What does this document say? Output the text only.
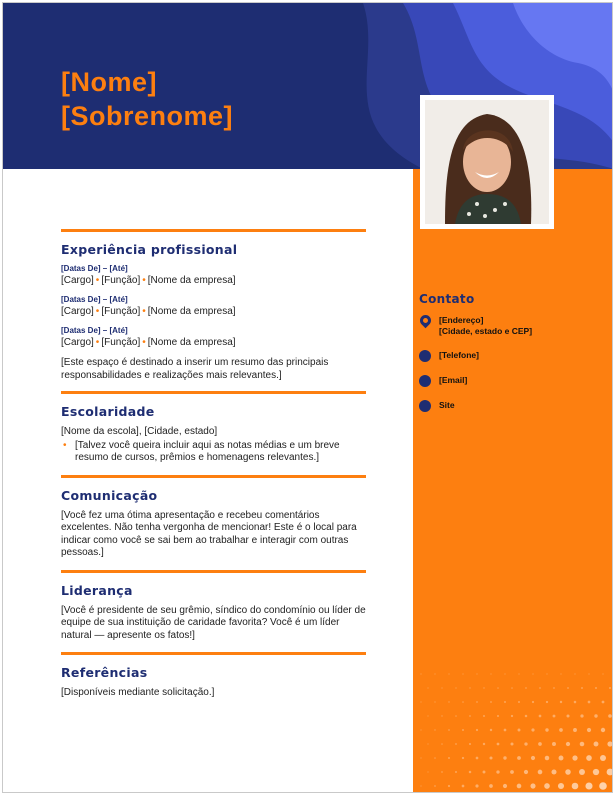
[Nome]
[Sobrenome]
Experiência profissional
[Datas De] – [Até]
[Cargo] • [Função] • [Nome da empresa]
[Datas De] – [Até]
[Cargo] • [Função] • [Nome da empresa]
[Datas De] – [Até]
[Cargo] • [Função] • [Nome da empresa]
[Este espaço é destinado a inserir um resumo das principais responsabilidades e realizações mais relevantes.]
Escolaridade
[Nome da escola], [Cidade, estado]
• [Talvez você queira incluir aqui as notas médias e um breve resumo de cursos, prêmios e homenagens relevantes.]
Comunicação
[Você fez uma ótima apresentação e recebeu comentários excelentes. Não tenha vergonha de mencionar! Este é o local para indicar como você se sai bem ao trabalhar e interagir com outras pessoas.]
Liderança
[Você é presidente de seu grêmio, síndico do condomínio ou líder de equipe de sua instituição de caridade favorita? Você é um líder natural — apresente os fatos!]
Referências
[Disponíveis mediante solicitação.]
Contato
[Endereço]
[Cidade, estado e CEP]
[Telefone]
[Email]
Site
